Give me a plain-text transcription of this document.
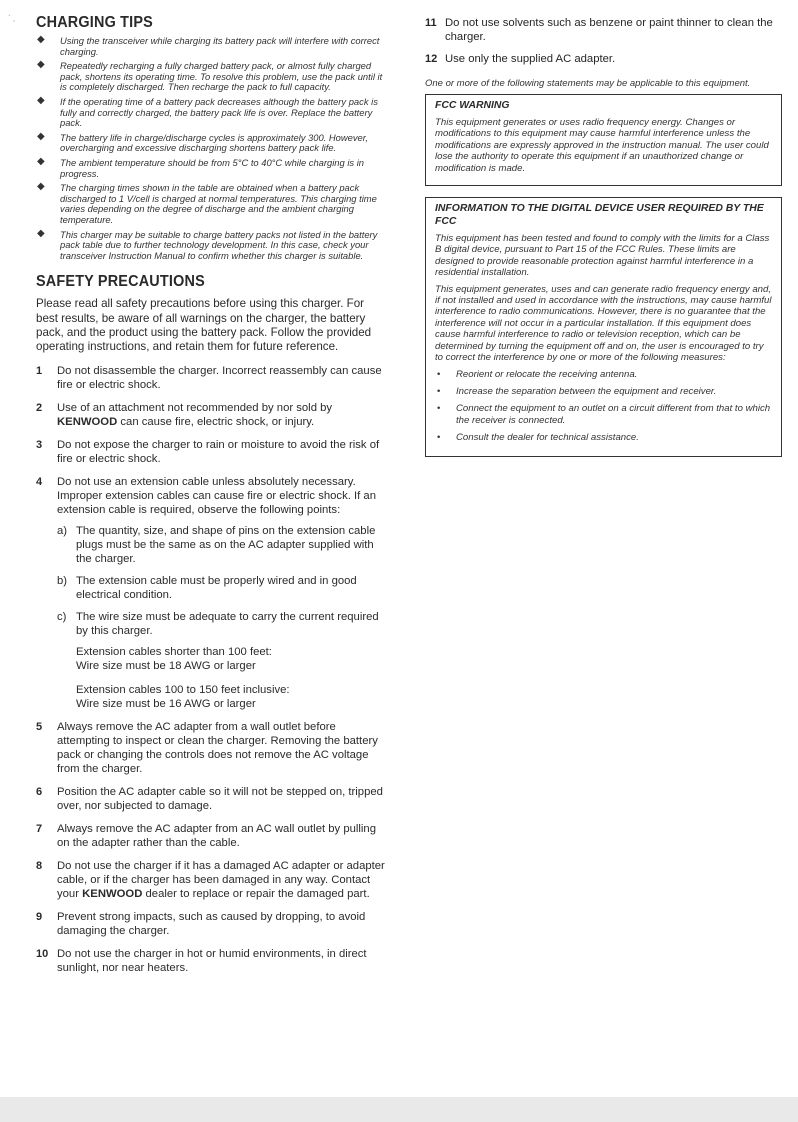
` , CHARGING TIPS
◆ Using the transceiver while charging its battery pack will interfere with correct charging.
◆ Repeatedly recharging a fully charged battery pack, or almost fully charged pack, shortens its operating time. To resolve this problem, use the pack until it is completely discharged. Then recharge the pack to full capacity.
◆ If the operating time of a battery pack decreases although the battery pack is fully and correctly charged, the battery pack life is over. Replace the battery pack.
◆ The battery life in charge/discharge cycles is approximately 300. However, overcharging and excessive discharging shortens battery pack life.
◆ The ambient temperature should be from 5°C to 40°C while charging is in progress.
◆ The charging times shown in the table are obtained when a battery pack discharged to 1 V/cell is charged at normal temperatures. This charging time varies depending on the degree of discharge and the ambient charging temperature.
◆ This charger may be suitable to charge battery packs not listed in the battery pack table due to further technology development. In this case, check your transceiver Instruction Manual to confirm whether this charger is suitable.
SAFETY PRECAUTIONS

Please read all safety precautions before using this charger. For best results, be aware of all warnings on the charger, the battery pack, and the product using the battery pack. Follow the provided operating instructions, and retain them for future reference.

1 Do not disassemble the charger. Incorrect reassembly can cause fire or electric shock.
2 Use of an attachment not recommended by nor sold by KENWOOD can cause fire, electric shock, or injury.
3 Do not expose the charger to rain or moisture to avoid the risk of fire or electric shock.
4 Do not use an extension cable unless absolutely necessary. Improper extension cables can cause fire or electric shock. If an extension cable is required, observe the following points:
a) The quantity, size, and shape of pins on the extension cable plugs must be the same as on the AC adapter supplied with the charger.
b) The extension cable must be properly wired and in good electrical condition.
c) The wire size must be adequate to carry the current required by this charger.
Extension cables shorter than 100 feet:
Wire size must be 18 AWG or larger
Extension cables 100 to 150 feet inclusive:
Wire size must be 16 AWG or larger
5 Always remove the AC adapter from a wall outlet before attempting to inspect or clean the charger. Removing the battery pack or changing the controls does not remove the AC voltage from the charger.
6 Position the AC adapter cable so it will not be stepped on, tripped over, nor subjected to damage.
7 Always remove the AC adapter from an AC wall outlet by pulling on the adapter rather than the cable.
8 Do not use the charger if it has a damaged AC adapter or adapter cable, or if the charger has been damaged in any way. Contact your KENWOOD dealer to replace or repair the damaged part.
9 Prevent strong impacts, such as caused by dropping, to avoid damaging the charger.
10 Do not use the charger in hot or humid environments, in direct sunlight, nor near heaters.
11 Do not use solvents such as benzene or paint thinner to clean the charger.
12 Use only the supplied AC adapter.

One or more of the following statements may be applicable to this equipment.

FCC WARNING

This equipment generates or uses radio frequency energy. Changes or modifications to this equipment may cause harmful interference unless the modifications are expressly approved in the instruction manual. The user could lose the authority to operate this equipment if an unauthorized change or modification is made.

INFORMATION TO THE DIGITAL DEVICE USER REQUIRED BY THE FCC

This equipment has been tested and found to comply with the limits for a Class B digital device, pursuant to Part 15 of the FCC Rules. These limits are designed to provide reasonable protection against harmful interference in a residential installation.

This equipment generates, uses and can generate radio frequency energy and, if not installed and used in accordance with the instructions, may cause harmful interference to radio communications. However, there is no guarantee that the interference will not occur in a particular installation. If this equipment does cause harmful interference to radio or television reception, which can be determined by turning the equipment off and on, the user is encouraged to try to correct the interference by one or more of the following measures:

• Reorient or relocate the receiving antenna.
• Increase the separation between the equipment and receiver.
• Connect the equipment to an outlet on a circuit different from that to which the receiver is connected.
• Consult the dealer for technical assistance.
